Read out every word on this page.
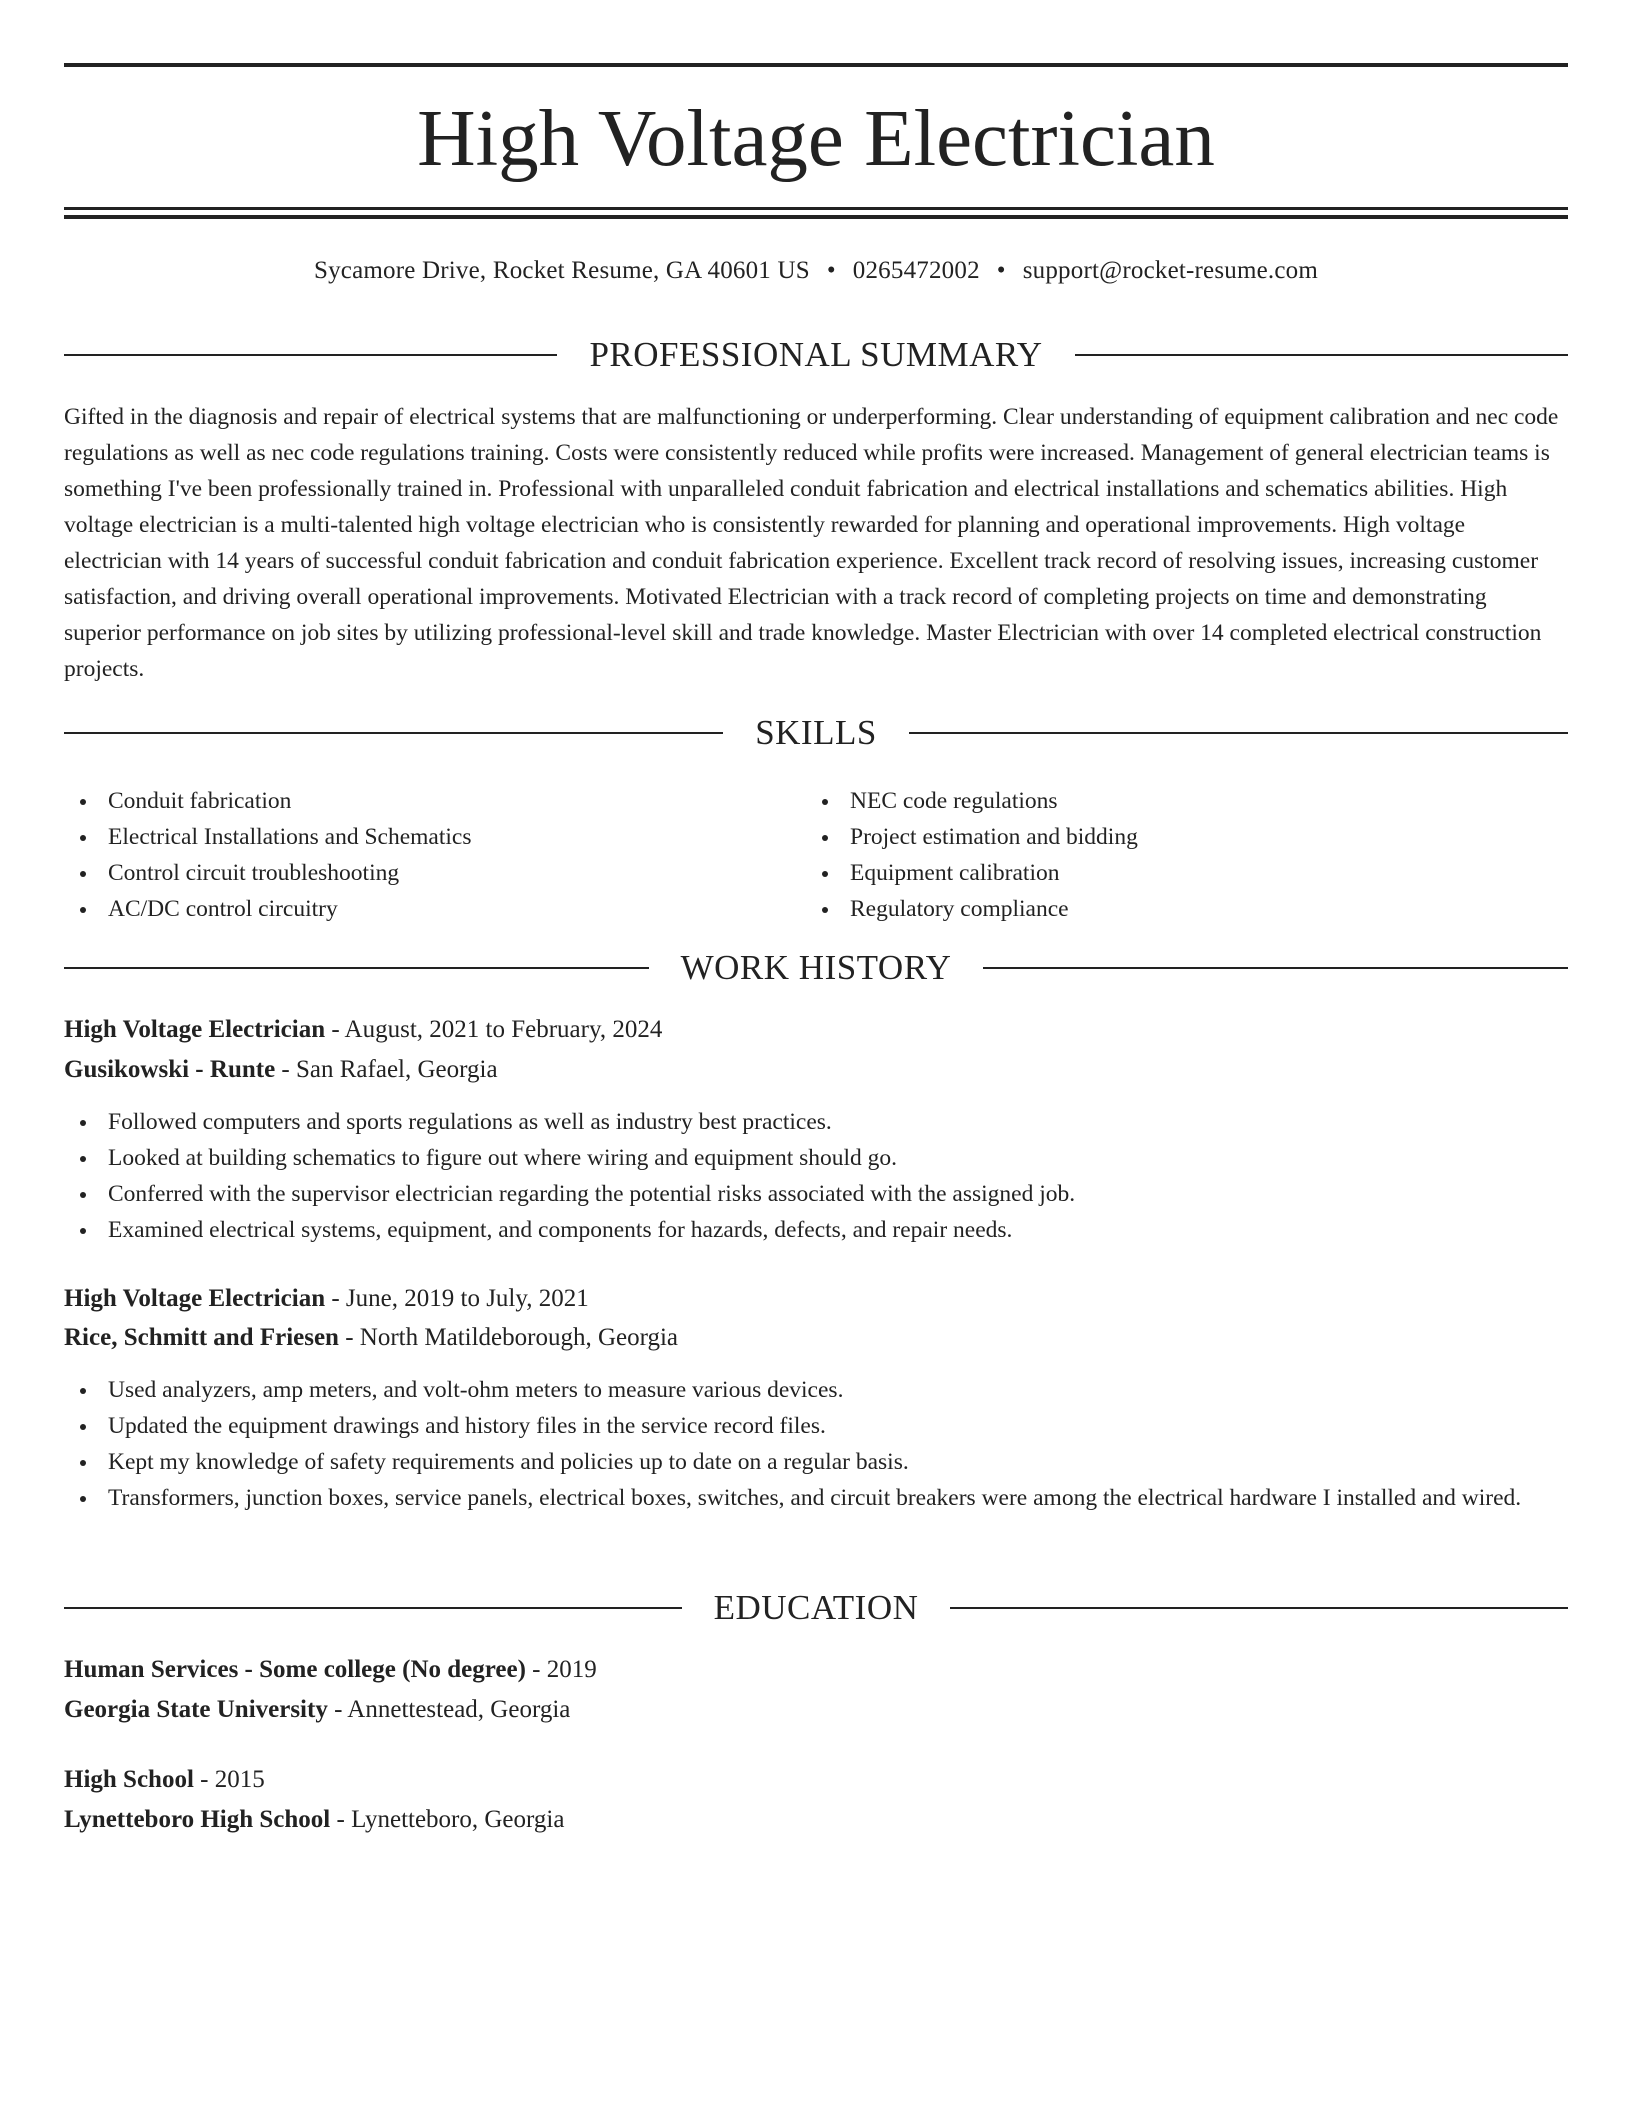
High Voltage Electrician
Sycamore Drive, Rocket Resume, GA 40601 US • 0265472002 • support@rocket-resume.com
PROFESSIONAL SUMMARY

Gifted in the diagnosis and repair of electrical systems that are malfunctioning or underperforming. Clear understanding of equipment calibration and nec code regulations as well as nec code regulations training. Costs were consistently reduced while profits were increased. Management of general electrician teams is something I've been professionally trained in. Professional with unparalleled conduit fabrication and electrical installations and schematics abilities. High voltage electrician is a multi-talented high voltage electrician who is consistently rewarded for planning and operational improvements. High voltage electrician with 14 years of successful conduit fabrication and conduit fabrication experience. Excellent track record of resolving issues, increasing customer satisfaction, and driving overall operational improvements. Motivated Electrician with a track record of completing projects on time and demonstrating superior performance on job sites by utilizing professional-level skill and trade knowledge. Master Electrician with over 14 completed electrical construction projects.

SKILLS
Conduit fabrication
Electrical Installations and Schematics
Control circuit troubleshooting
AC/DC control circuitry
NEC code regulations
Project estimation and bidding
Equipment calibration
Regulatory compliance
WORK HISTORY
High Voltage Electrician - August, 2021 to February, 2024
Gusikowski - Runte - San Rafael, Georgia
Followed computers and sports regulations as well as industry best practices.
Looked at building schematics to figure out where wiring and equipment should go.
Conferred with the supervisor electrician regarding the potential risks associated with the assigned job.
Examined electrical systems, equipment, and components for hazards, defects, and repair needs.
High Voltage Electrician - June, 2019 to July, 2021
Rice, Schmitt and Friesen - North Matildeborough, Georgia
Used analyzers, amp meters, and volt-ohm meters to measure various devices.
Updated the equipment drawings and history files in the service record files.
Kept my knowledge of safety requirements and policies up to date on a regular basis.
Transformers, junction boxes, service panels, electrical boxes, switches, and circuit breakers were among the electrical hardware I installed and wired.
EDUCATION
Human Services - Some college (No degree) - 2019
Georgia State University - Annettestead, Georgia
High School - 2015
Lynetteboro High School - Lynetteboro, Georgia
